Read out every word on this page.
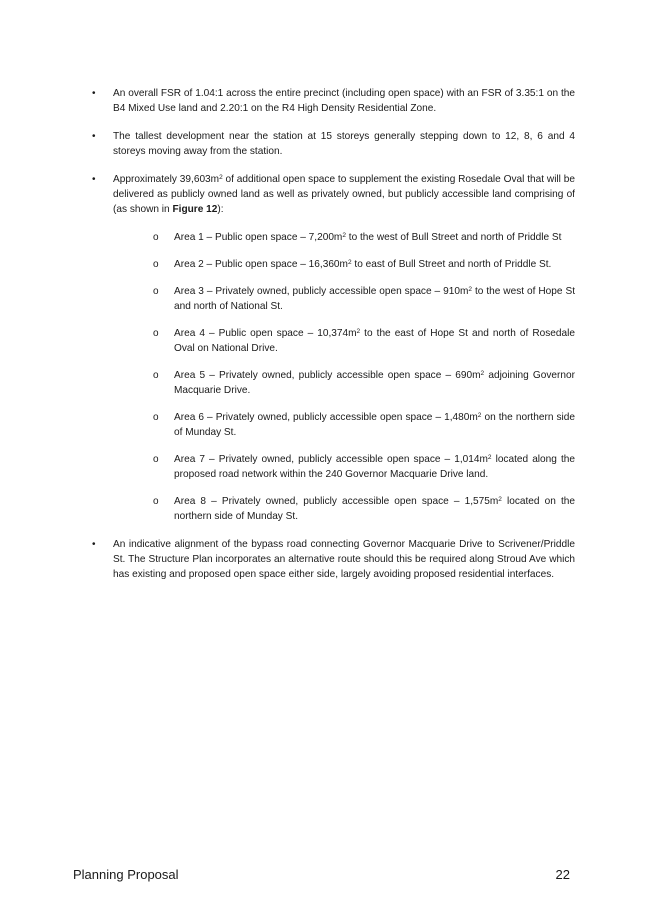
• An overall FSR of 1.04:1 across the entire precinct (including open space) with an FSR of 3.35:1 on the B4 Mixed Use land and 2.20:1 on the R4 High Density Residential Zone.
• The tallest development near the station at 15 storeys generally stepping down to 12, 8, 6 and 4 storeys moving away from the station.
• Approximately $39,603m^2$ of additional open space to supplement the existing Rosedale Oval that will be delivered as publicly owned land as well as privately owned, but publicly accessible land comprising of (as shown in Figure 12):
o Area 1 – Public open space – $7,200m^2$ to the west of Bull Street and north of Priddle St
o Area 2 – Public open space – $16,360m^2$ to east of Bull Street and north of Priddle St.
o Area 3 – Privately owned, publicly accessible open space – $910m^2$ to the west of Hope St and north of National St.
o Area 4 – Public open space – $10,374m^2$ to the east of Hope St and north of Rosedale Oval on National Drive.
o Area 5 – Privately owned, publicly accessible open space – $690m^2$ adjoining Governor Macquarie Drive.
o Area 6 – Privately owned, publicly accessible open space – $1,480m^2$ on the northern side of Munday St.
o Area 7 – Privately owned, publicly accessible open space – $1,014m^2$ located along the proposed road network within the 240 Governor Macquarie Drive land.
o Area 8 – Privately owned, publicly accessible open space – $1,575m^2$ located on the northern side of Munday St.
• An indicative alignment of the bypass road connecting Governor Macquarie Drive to Scrivener/Priddle St. The Structure Plan incorporates an alternative route should this be required along Stroud Ave which has existing and proposed open space either side, largely avoiding proposed residential interfaces.
Planning Proposal	22
